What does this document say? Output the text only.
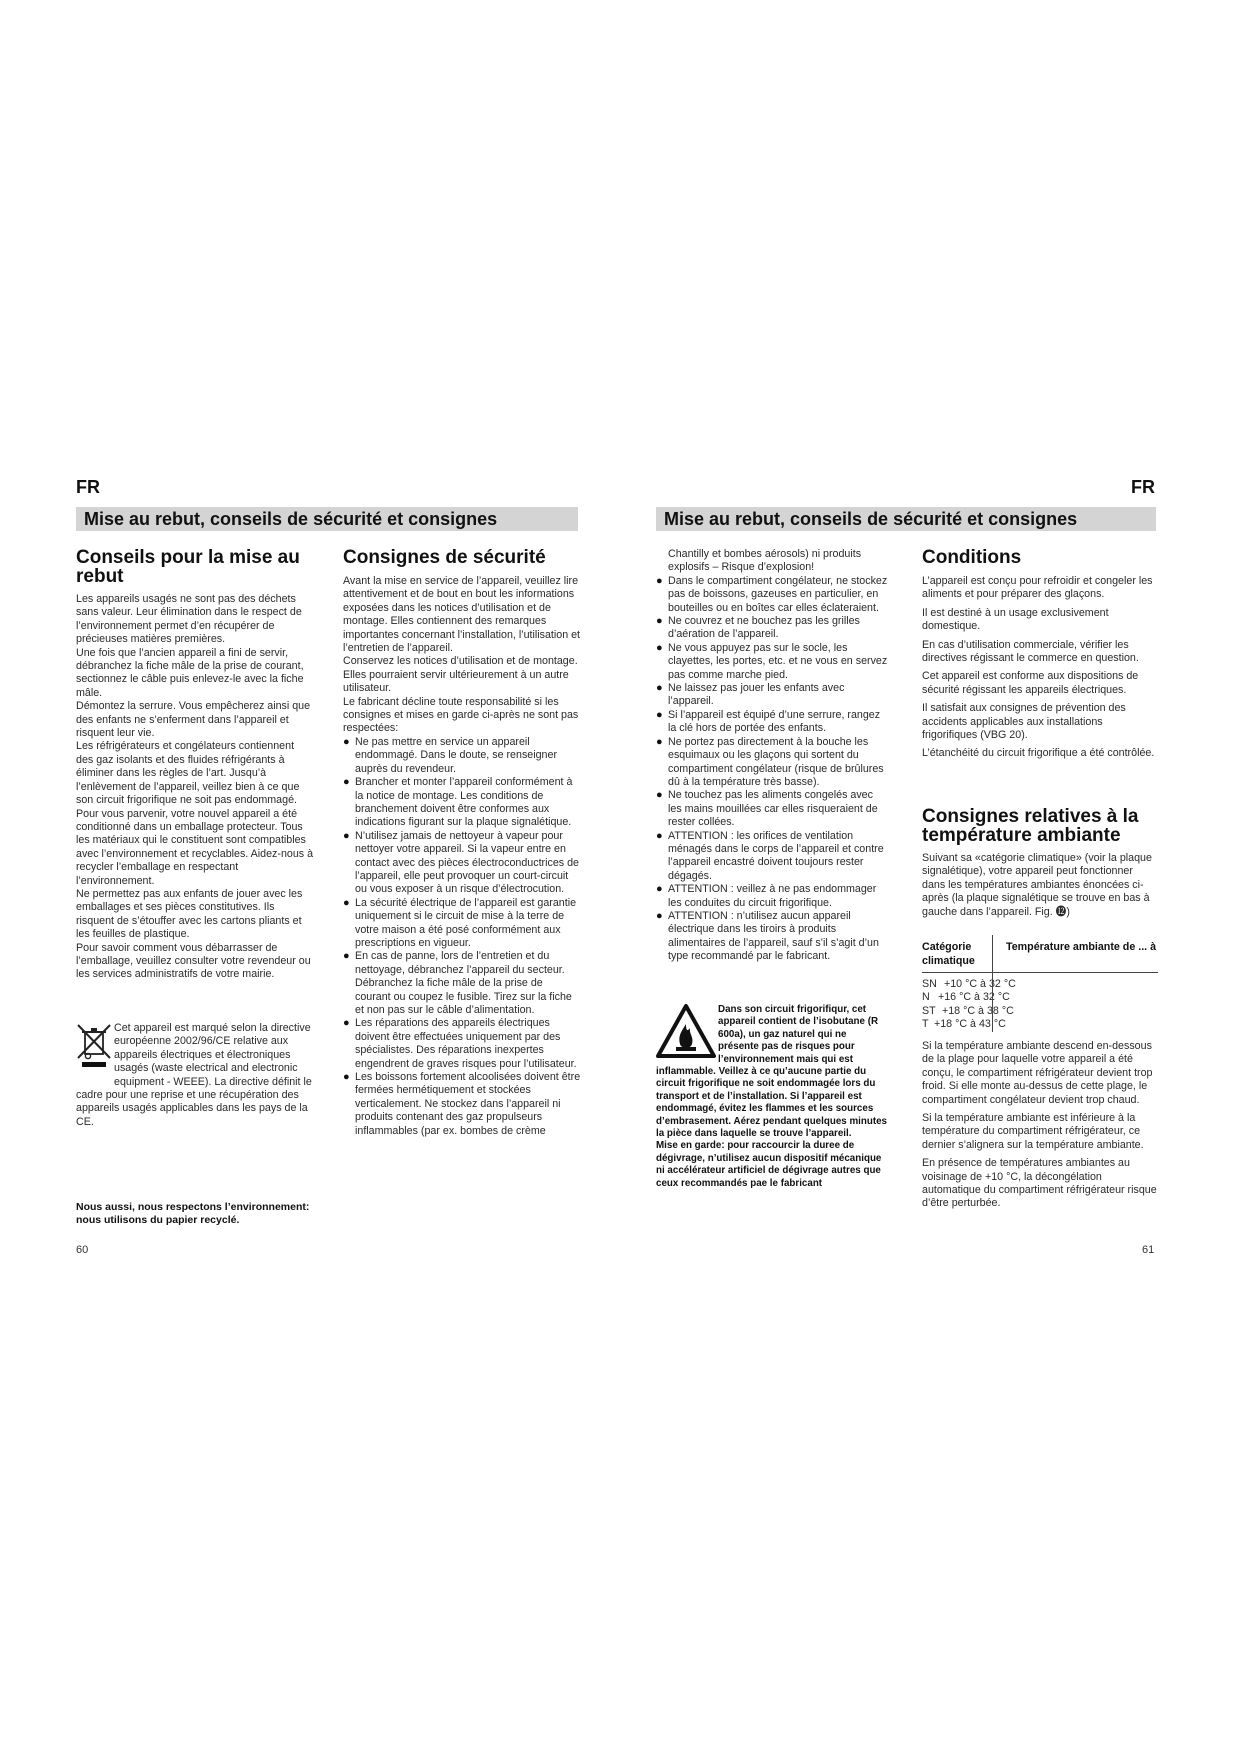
FR
Mise au rebut, conseils de sécurité et consignes
Conseils pour la mise au rebut

Les appareils usagés ne sont pas des déchets sans valeur. Leur élimination dans le respect de l’environnement permet d’en récupérer de précieuses matières premières.

Une fois que l’ancien appareil a fini de servir, débranchez la fiche mâle de la prise de courant, sectionnez le câble puis enlevez-le avec la fiche mâle.

Démontez la serrure. Vous empêcherez ainsi que des enfants ne s’enferment dans l’appareil et risquent leur vie.

Les réfrigérateurs et congélateurs contiennent des gaz isolants et des fluides réfrigérants à éliminer dans les règles de l’art. Jusqu’à l’enlèvement de l’appareil, veillez bien à ce que son circuit frigorifique ne soit pas endommagé.

Pour vous parvenir, votre nouvel appareil a été conditionné dans un emballage protecteur. Tous les matériaux qui le constituent sont compatibles avec l’environnement et recyclables. Aidez-nous à recycler l’emballage en respectant l’environnement.

Ne permettez pas aux enfants de jouer avec les emballages et ses pièces constitutives. Ils risquent de s’étouffer avec les cartons pliants et les feuilles de plastique.

Pour savoir comment vous débarrasser de l’emballage, veuillez consulter votre revendeur ou les services administratifs de votre mairie.

Cet appareil est marqué selon la directive européenne 2002/96/CE relative aux appareils électriques et électroniques usagés (waste electrical and electronic equipment - WEEE). La directive définit le cadre pour une reprise et une récupération des appareils usagés applicables dans les pays de la CE.
Nous aussi, nous respectons l’environnement: nous utilisons du papier recyclé.
60
Consignes de sécurité

Avant la mise en service de l’appareil, veuillez lire attentivement et de bout en bout les informations exposées dans les notices d’utilisation et de montage. Elles contiennent des remarques importantes concernant l’installation, l’utilisation et l’entretien de l’appareil.

Conservez les notices d’utilisation et de montage. Elles pourraient servir ultérieurement à un autre utilisateur.

Le fabricant décline toute responsabilité si les consignes et mises en garde ci-après ne sont pas respectées:

● Ne pas mettre en service un appareil endommagé. Dans le doute, se renseigner auprès du revendeur.
● Brancher et monter l’appareil conformément à la notice de montage. Les conditions de branchement doivent être conformes aux indications figurant sur la plaque signalétique.
● N’utilisez jamais de nettoyeur à vapeur pour nettoyer votre appareil. Si la vapeur entre en contact avec des pièces électroconductrices de l’appareil, elle peut provoquer un court-circuit ou vous exposer à un risque d’électrocution.
● La sécurité électrique de l’appareil est garantie uniquement si le circuit de mise à la terre de votre maison a été posé conformément aux prescriptions en vigueur.
● En cas de panne, lors de l’entretien et du nettoyage, débranchez l’appareil du secteur. Débranchez la fiche mâle de la prise de courant ou coupez le fusible. Tirez sur la fiche et non pas sur le câble d’alimentation.
● Les réparations des appareils électriques doivent être effectuées uniquement par des spécialistes. Des réparations inexpertes engendrent de graves risques pour l’utilisateur.
● Les boissons fortement alcoolisées doivent être fermées hermétiquement et stockées verticalement. Ne stockez dans l’appareil ni produits contenant des gaz propulseurs inflammables (par ex. bombes de crème
FR
Mise au rebut, conseils de sécurité et consignes

Chantilly et bombes aérosols) ni produits explosifs – Risque d’explosion!

● Dans le compartiment congélateur, ne stockez pas de boissons, gazeuses en particulier, en bouteilles ou en boîtes car elles éclateraient.
● Ne couvrez et ne bouchez pas les grilles d’aération de l’appareil.
● Ne vous appuyez pas sur le socle, les clayettes, les portes, etc. et ne vous en servez pas comme marche pied.
● Ne laissez pas jouer les enfants avec l’appareil.
● Si l’appareil est équipé d’une serrure, rangez la clé hors de portée des enfants.
● Ne portez pas directement à la bouche les esquimaux ou les glaçons qui sortent du compartiment congélateur (risque de brûlures dû à la température très basse).
● Ne touchez pas les aliments congelés avec les mains mouillées car elles risqueraient de rester collées.
● ATTENTION : les orifices de ventilation ménagés dans le corps de l’appareil et contre l’appareil encastré doivent toujours rester dégagés.
● ATTENTION : veillez à ne pas endommager les conduites du circuit frigorifique.
● ATTENTION : n’utilisez aucun appareil électrique dans les tiroirs à produits alimentaires de l’appareil, sauf s’il s’agit d’un type recommandé par le fabricant.
Dans son circuit frigorifiqur, cet appareil contient de l’isobutane (R 600a), un gaz naturel qui ne présente pas de risques pour l’environnement mais qui est inflammable. Veillez à ce qu’aucune partie du circuit frigorifique ne soit endommagée lors du transport et de l’installation. Si l’appareil est endommagé, évitez les flammes et les sources d’embrasement. Aérez pendant quelques minutes la pièce dans laquelle se trouve l’appareil.
Mise en garde: pour raccourcir la duree de dégivrage, n’utilisez aucun dispositif mécanique ni accélérateur artificiel de dégivrage autres que ceux recommandés pae le fabricant
Conditions

L’appareil est conçu pour refroidir et congeler les aliments et pour préparer des glaçons.

Il est destiné à un usage exclusivement domestique.

En cas d’utilisation commerciale, vérifier les directives régissant le commerce en question.

Cet appareil est conforme aux dispositions de sécurité régissant les appareils électriques.

Il satisfait aux consignes de prévention des accidents applicables aux installations frigorifiques (VBG 20).

L’étanchéité du circuit frigorifique a été contrôlée.

Consignes relatives à la température ambiante
Suivant sa «catégorie climatique» (voir la plaque signalétique), votre appareil peut fonctionner dans les températures ambiantes énoncées ci-après (la plaque signalétique se trouve en bas à gauche dans l’appareil. Fig. ⓬)
Catégorie climatique
Température ambiante de ... à
SN +10 °C à 32 °C
N +16 °C à 32 °C
ST +18 °C à 38 °C
T +18 °C à 43 °C

Si la température ambiante descend en-dessous de la plage pour laquelle votre appareil a été conçu, le compartiment réfrigérateur devient trop froid. Si elle monte au-dessus de cette plage, le compartiment congélateur devient trop chaud.

Si la température ambiante est inférieure à la température du compartiment réfrigérateur, ce dernier s’alignera sur la température ambiante.

En présence de températures ambiantes au voisinage de +10 °C, la décongélation automatique du compartiment réfrigérateur risque d’être perturbée.

61
